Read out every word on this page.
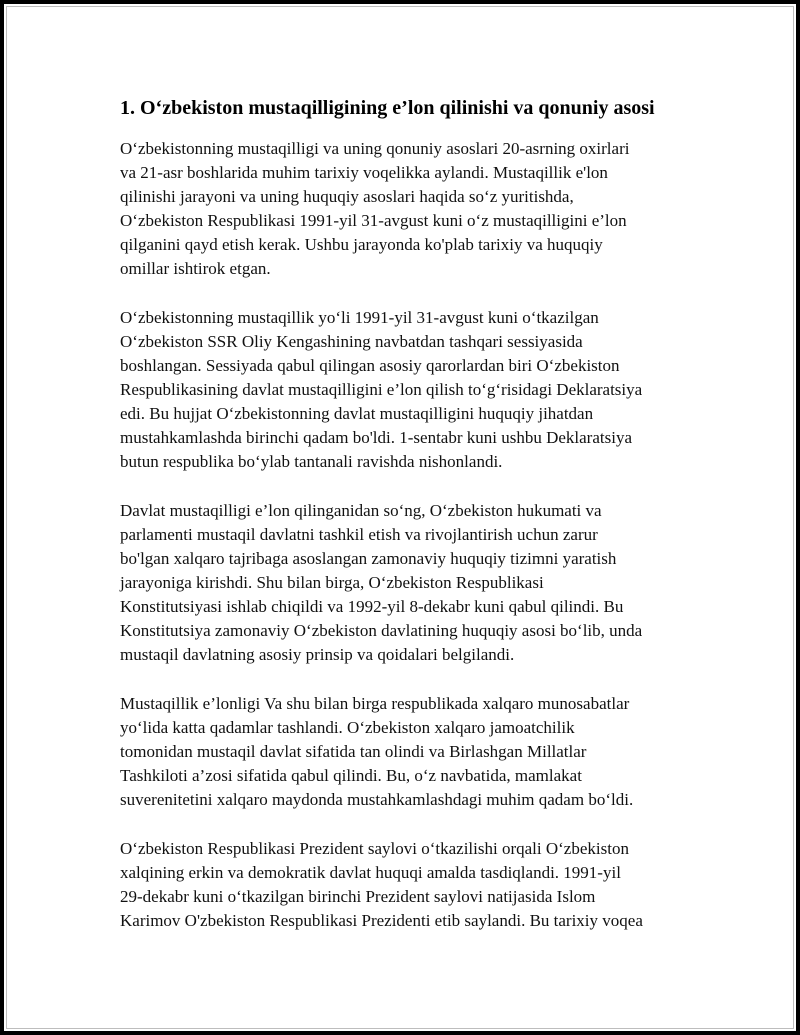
1. O‘zbekiston mustaqilligining e’lon qilinishi va qonuniy asosi

O‘zbekistonning mustaqilligi va uning qonuniy asoslari 20-asrning oxirlari
va 21-asr boshlarida muhim tarixiy voqelikka aylandi. Mustaqillik e'lon
qilinishi jarayoni va uning huquqiy asoslari haqida so‘z yuritishda,
O‘zbekiston Respublikasi 1991-yil 31-avgust kuni o‘z mustaqilligini e’lon
qilganini qayd etish kerak. Ushbu jarayonda ko'plab tarixiy va huquqiy
omillar ishtirok etgan.

O‘zbekistonning mustaqillik yo‘li 1991-yil 31-avgust kuni o‘tkazilgan
O‘zbekiston SSR Oliy Kengashining navbatdan tashqari sessiyasida
boshlangan. Sessiyada qabul qilingan asosiy qarorlardan biri O‘zbekiston
Respublikasining davlat mustaqilligini e’lon qilish to‘g‘risidagi Deklaratsiya
edi. Bu hujjat O‘zbekistonning davlat mustaqilligini huquqiy jihatdan
mustahkamlashda birinchi qadam bo'ldi. 1-sentabr kuni ushbu Deklaratsiya
butun respublika bo‘ylab tantanali ravishda nishonlandi.

Davlat mustaqilligi e’lon qilinganidan so‘ng, O‘zbekiston hukumati va
parlamenti mustaqil davlatni tashkil etish va rivojlantirish uchun zarur
bo'lgan xalqaro tajribaga asoslangan zamonaviy huquqiy tizimni yaratish
jarayoniga kirishdi. Shu bilan birga, O‘zbekiston Respublikasi
Konstitutsiyasi ishlab chiqildi va 1992-yil 8-dekabr kuni qabul qilindi. Bu
Konstitutsiya zamonaviy O‘zbekiston davlatining huquqiy asosi bo‘lib, unda
mustaqil davlatning asosiy prinsip va qoidalari belgilandi.

Mustaqillik e’lonligi Va shu bilan birga respublikada xalqaro munosabatlar
yo‘lida katta qadamlar tashlandi. O‘zbekiston xalqaro jamoatchilik
tomonidan mustaqil davlat sifatida tan olindi va Birlashgan Millatlar
Tashkiloti a’zosi sifatida qabul qilindi. Bu, o‘z navbatida, mamlakat
suverenitetini xalqaro maydonda mustahkamlashdagi muhim qadam bo‘ldi.

O‘zbekiston Respublikasi Prezident saylovi o‘tkazilishi orqali O‘zbekiston
xalqining erkin va demokratik davlat huquqi amalda tasdiqlandi. 1991-yil
29-dekabr kuni o‘tkazilgan birinchi Prezident saylovi natijasida Islom
Karimov O'zbekiston Respublikasi Prezidenti etib saylandi. Bu tarixiy voqea
